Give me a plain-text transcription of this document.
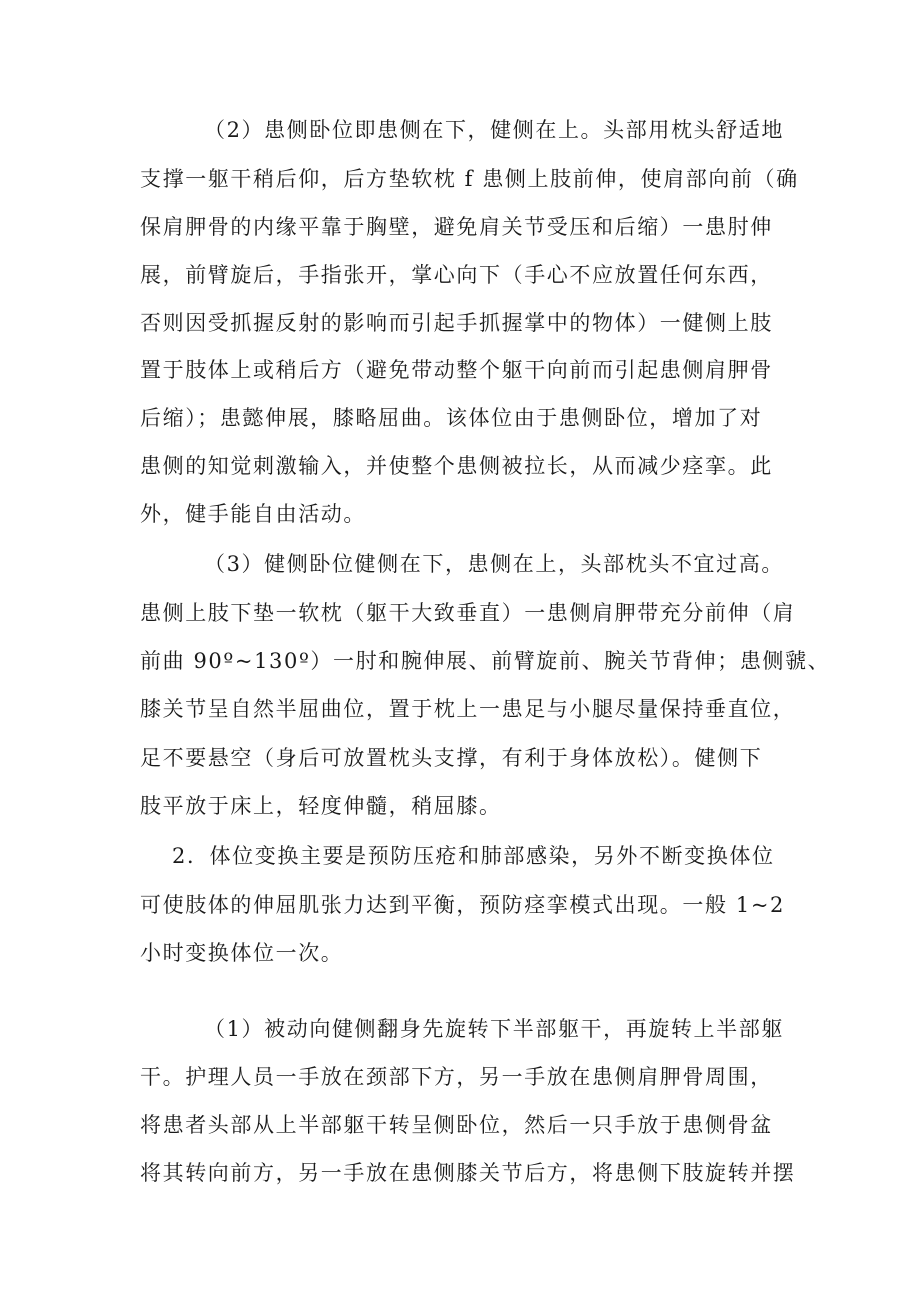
（2）患侧卧位即患侧在下，健侧在上。头部用枕头舒适地
支撑一躯干稍后仰，后方垫软枕 f 患侧上肢前伸，使肩部向前（确
保肩胛骨的内缘平靠于胸壁，避免肩关节受压和后缩）一患肘伸
展，前臂旋后，手指张开，掌心向下（手心不应放置任何东西，
否则因受抓握反射的影响而引起手抓握掌中的物体）一健侧上肢
置于肢体上或稍后方（避免带动整个躯干向前而引起患侧肩胛骨
后缩）；患懿伸展，膝略屈曲。该体位由于患侧卧位，增加了对
患侧的知觉刺激输入，并使整个患侧被拉长，从而减少痉挛。此
外，健手能自由活动。
（3）健侧卧位健侧在下，患侧在上，头部枕头不宜过高。
患侧上肢下垫一软枕（躯干大致垂直）一患侧肩胛带充分前伸（肩
前曲 90º~130º）一肘和腕伸展、前臂旋前、腕关节背伸；患侧虢、
膝关节呈自然半屈曲位，置于枕上一患足与小腿尽量保持垂直位，
足不要悬空（身后可放置枕头支撑，有利于身体放松）。健侧下
肢平放于床上，轻度伸髓，稍屈膝。
2．体位变换主要是预防压疮和肺部感染，另外不断变换体位
可使肢体的伸屈肌张力达到平衡，预防痉挛模式出现。一般 1~2
小时变换体位一次。
（1）被动向健侧翻身先旋转下半部躯干，再旋转上半部躯
干。护理人员一手放在颈部下方，另一手放在患侧肩胛骨周围，
将患者头部从上半部躯干转呈侧卧位，然后一只手放于患侧骨盆
将其转向前方，另一手放在患侧膝关节后方，将患侧下肢旋转并摆
